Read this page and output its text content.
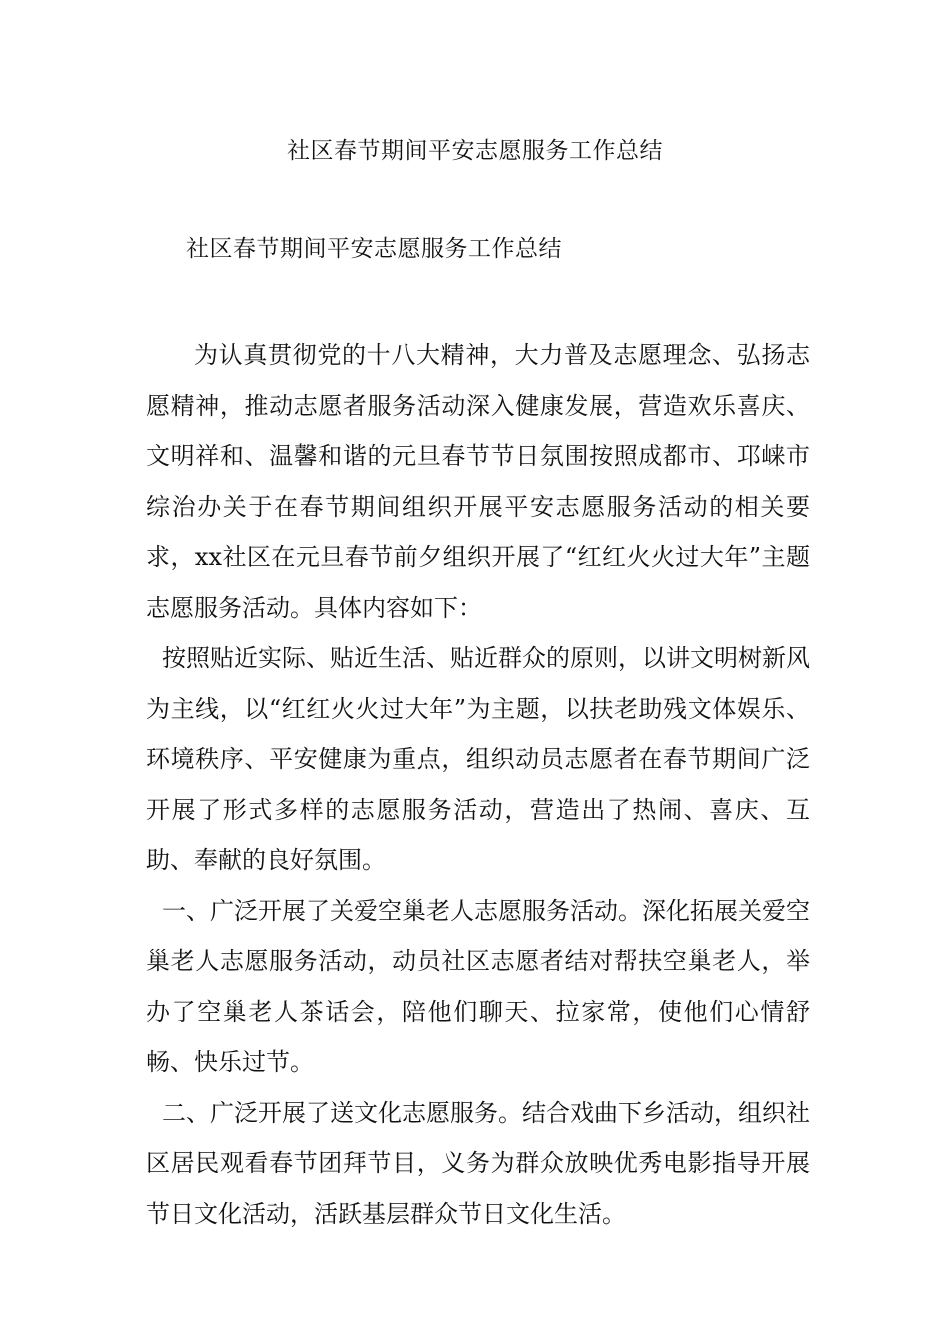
社区春节期间平安志愿服务工作总结
社区春节期间平安志愿服务工作总结

为认真贯彻党的十八大精神，大力普及志愿理念、弘扬志愿精神，推动志愿者服务活动深入健康发展，营造欢乐喜庆、文明祥和、温馨和谐的元旦春节节日氛围按照成都市、邛崃市综治办关于在春节期间组织开展平安志愿服务活动的相关要求，xx社区在元旦春节前夕组织开展了“红红火火过大年”主题志愿服务活动。具体内容如下：

按照贴近实际、贴近生活、贴近群众的原则，以讲文明树新风为主线，以“红红火火过大年”为主题，以扶老助残文体娱乐、环境秩序、平安健康为重点，组织动员志愿者在春节期间广泛开展了形式多样的志愿服务活动，营造出了热闹、喜庆、互助、奉献的良好氛围。

一、广泛开展了关爱空巢老人志愿服务活动。深化拓展关爱空巢老人志愿服务活动，动员社区志愿者结对帮扶空巢老人，举办了空巢老人茶话会，陪他们聊天、拉家常，使他们心情舒畅、快乐过节。

二、广泛开展了送文化志愿服务。结合戏曲下乡活动，组织社区居民观看春节团拜节目，义务为群众放映优秀电影指导开展节日文化活动，活跃基层群众节日文化生活。
